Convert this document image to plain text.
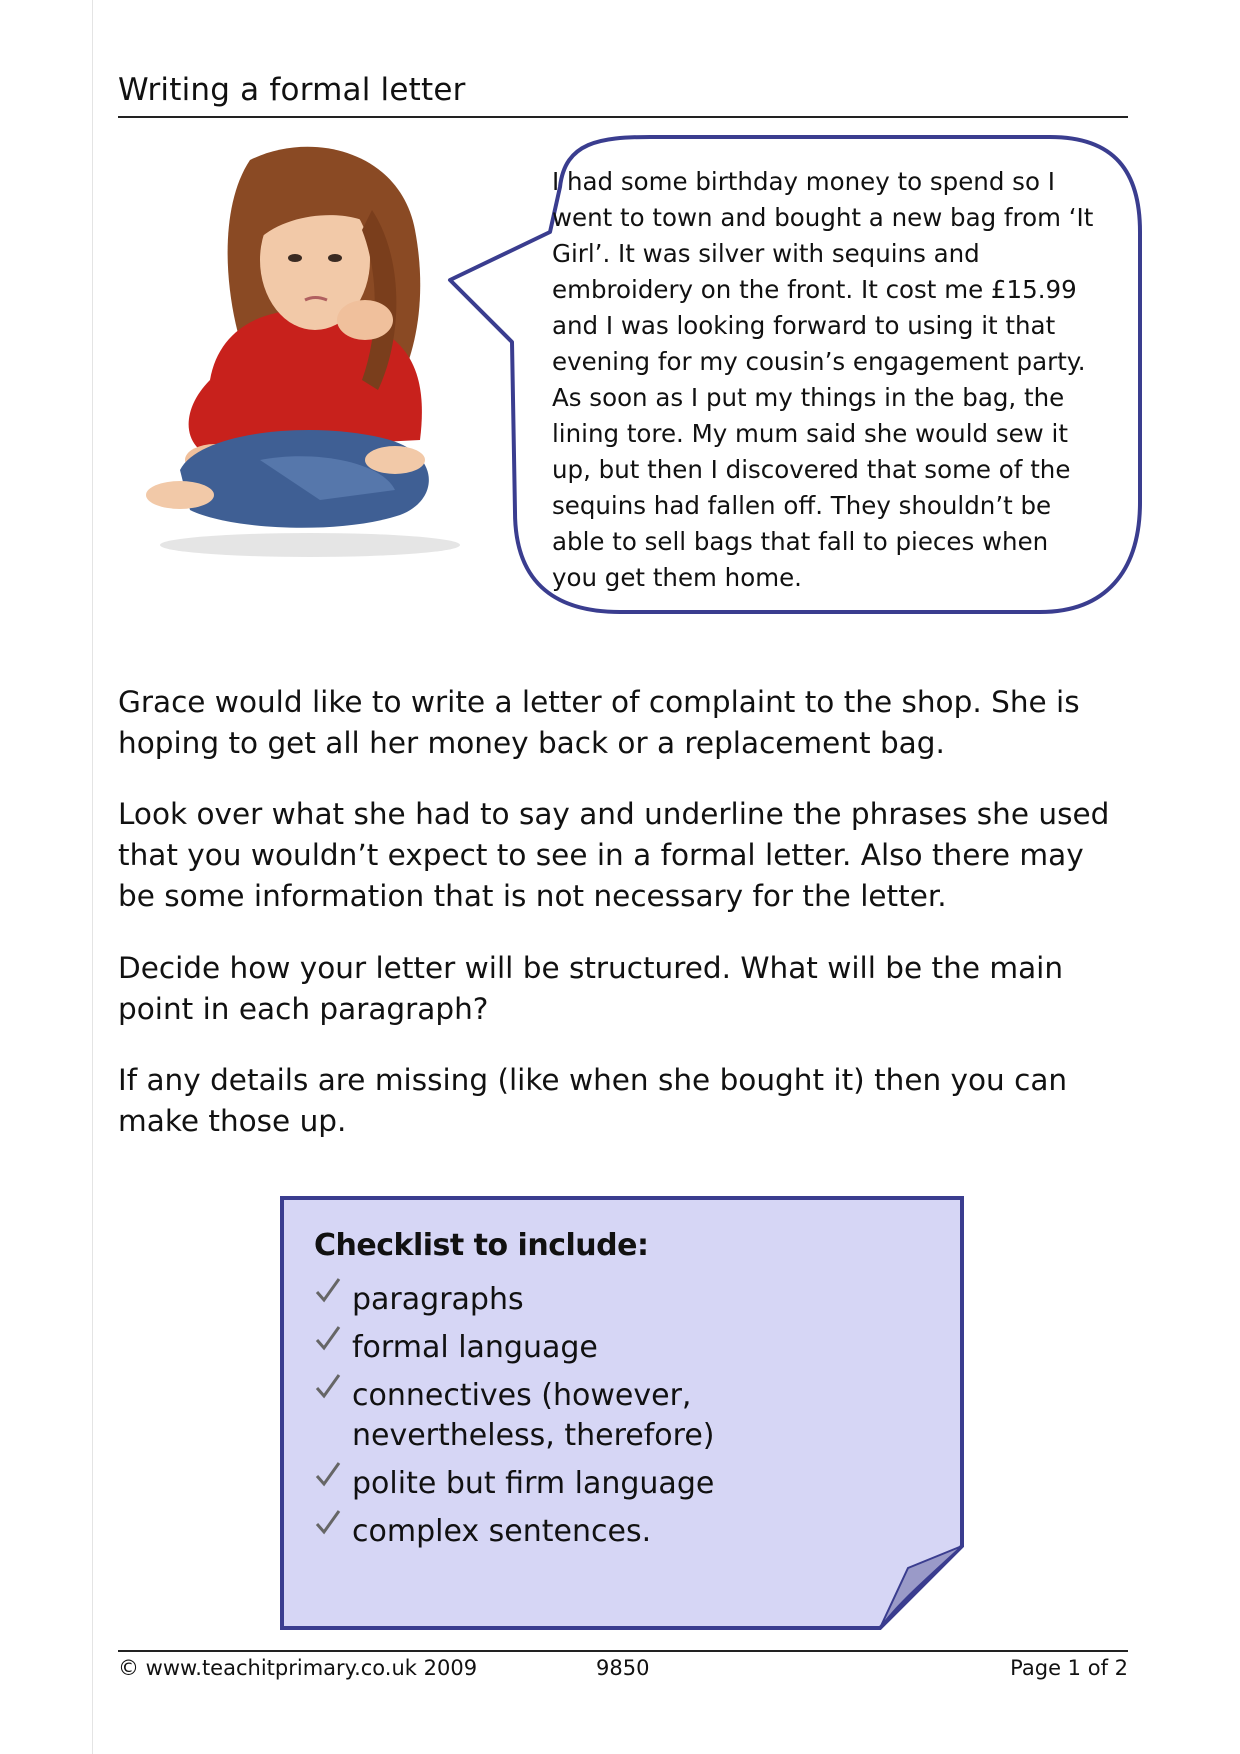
Writing a formal letter
I had some birthday money to spend so I went to town and bought a new bag from ‘It Girl’. It was silver with sequins and embroidery on the front. It cost me £15.99 and I was looking forward to using it that evening for my cousin’s engagement party. As soon as I put my things in the bag, the lining tore. My mum said she would sew it up, but then I discovered that some of the sequins had fallen off. They shouldn’t be able to sell bags that fall to pieces when you get them home.
Grace would like to write a letter of complaint to the shop. She is hoping to get all her money back or a replacement bag.
Look over what she had to say and underline the phrases she used that you wouldn’t expect to see in a formal letter. Also there may be some information that is not necessary for the letter.
Decide how your letter will be structured. What will be the main point in each paragraph?
If any details are missing (like when she bought it) then you can make those up.
Checklist to include:
paragraphs
formal language
connectives (however, nevertheless, therefore)
polite but firm language
complex sentences.
© www.teachitprimary.co.uk 2009	9850	Page 1 of 2
